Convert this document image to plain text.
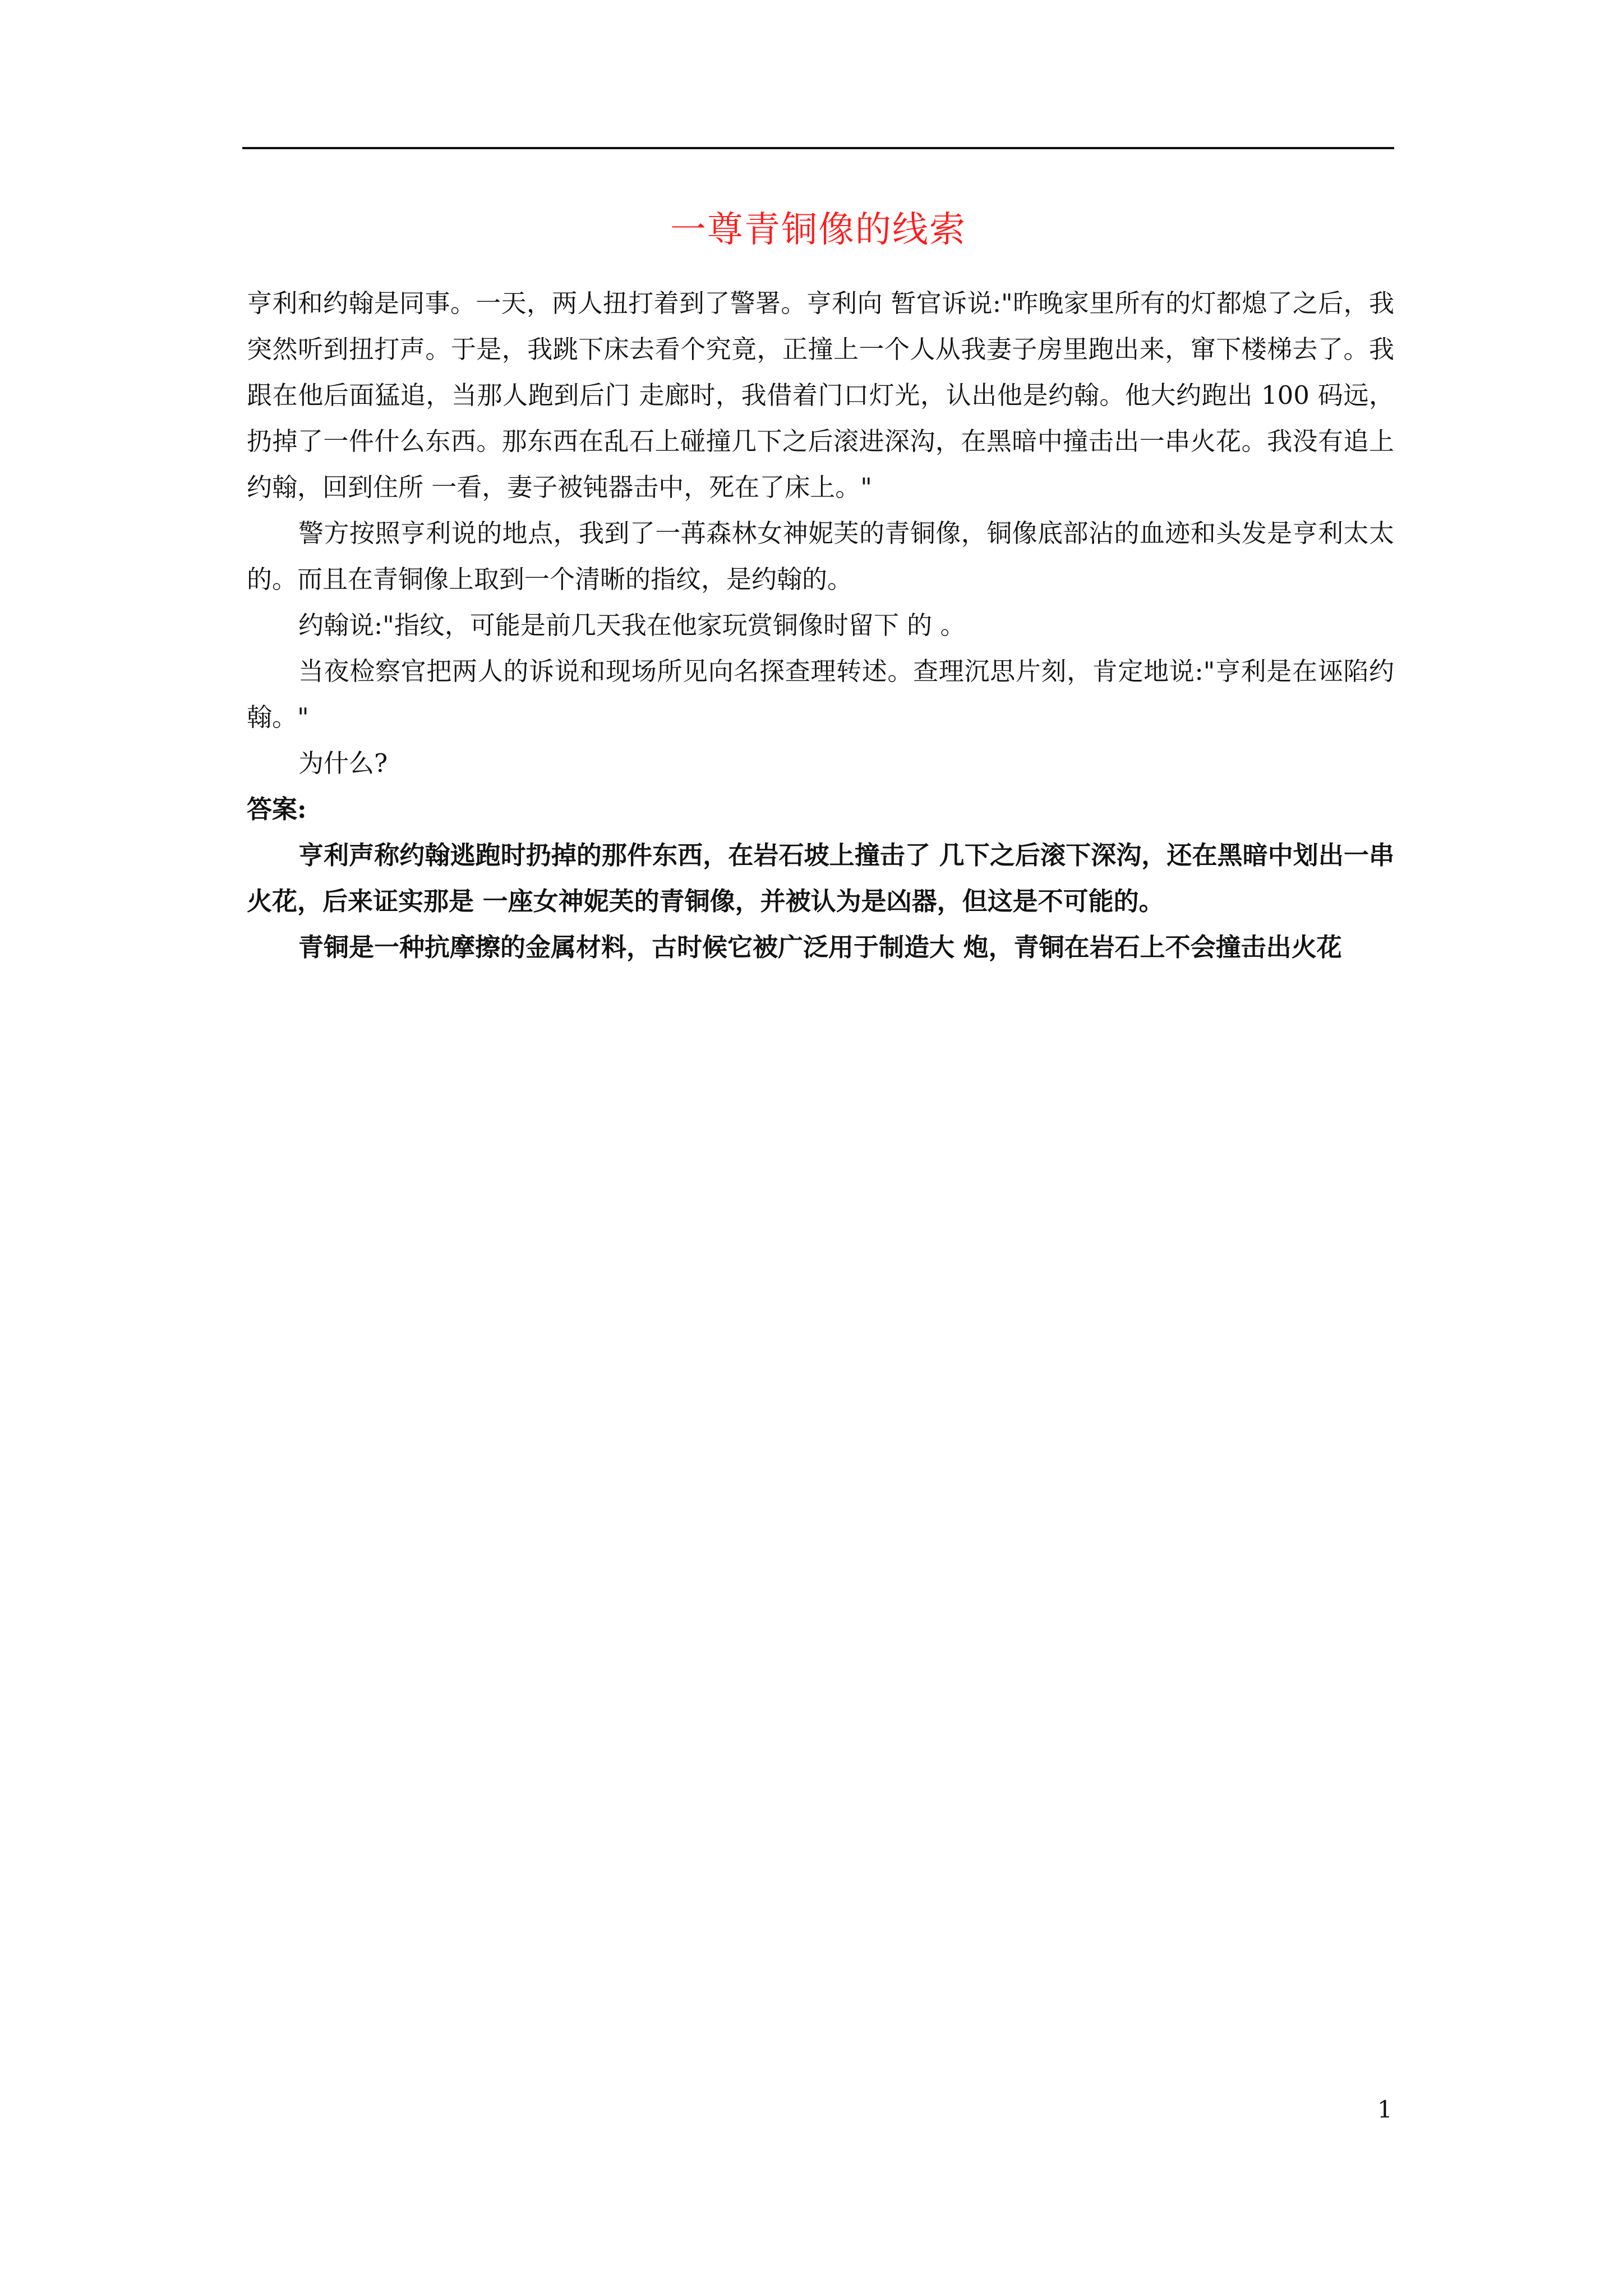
一尊青铜像的线索

亨利和约翰是同事。一天，两人扭打着到了警署。亨利向 暂官诉说:"昨晚家里所有的灯都熄了之后，我突然听到扭打声。于是，我跳下床去看个究竟，正撞上一个人从我妻子房里跑出来，窜下楼梯去了。我跟在他后面猛追，当那人跑到后门 走廊时，我借着门口灯光，认出他是约翰。他大约跑出 100 码远，扔掉了一件什么东西。那东西在乱石上碰撞几下之后滚进深沟，在黑暗中撞击出一串火花。我没有追上约翰，回到住所 一看，妻子被钝器击中，死在了床上。"

警方按照亨利说的地点，我到了一苒森林女神妮芙的青铜像，铜像底部沾的血迹和头发是亨利太太的。而且在青铜像上取到一个清晰的指纹，是约翰的。

约翰说:"指纹，可能是前几天我在他家玩赏铜像时留下 的 。

当夜检察官把两人的诉说和现场所见向名探查理转述。查理沉思片刻，肯定地说:"亨利是在诬陷约翰。"

为什么?

答案:

亨利声称约翰逃跑时扔掉的那件东西，在岩石坡上撞击了 几下之后滚下深沟，还在黑暗中划出一串火花，后来证实那是 一座女神妮芙的青铜像，并被认为是凶器，但这是不可能的。

青铜是一种抗摩擦的金属材料，古时候它被广泛用于制造大 炮，青铜在岩石上不会撞击出火花

1
